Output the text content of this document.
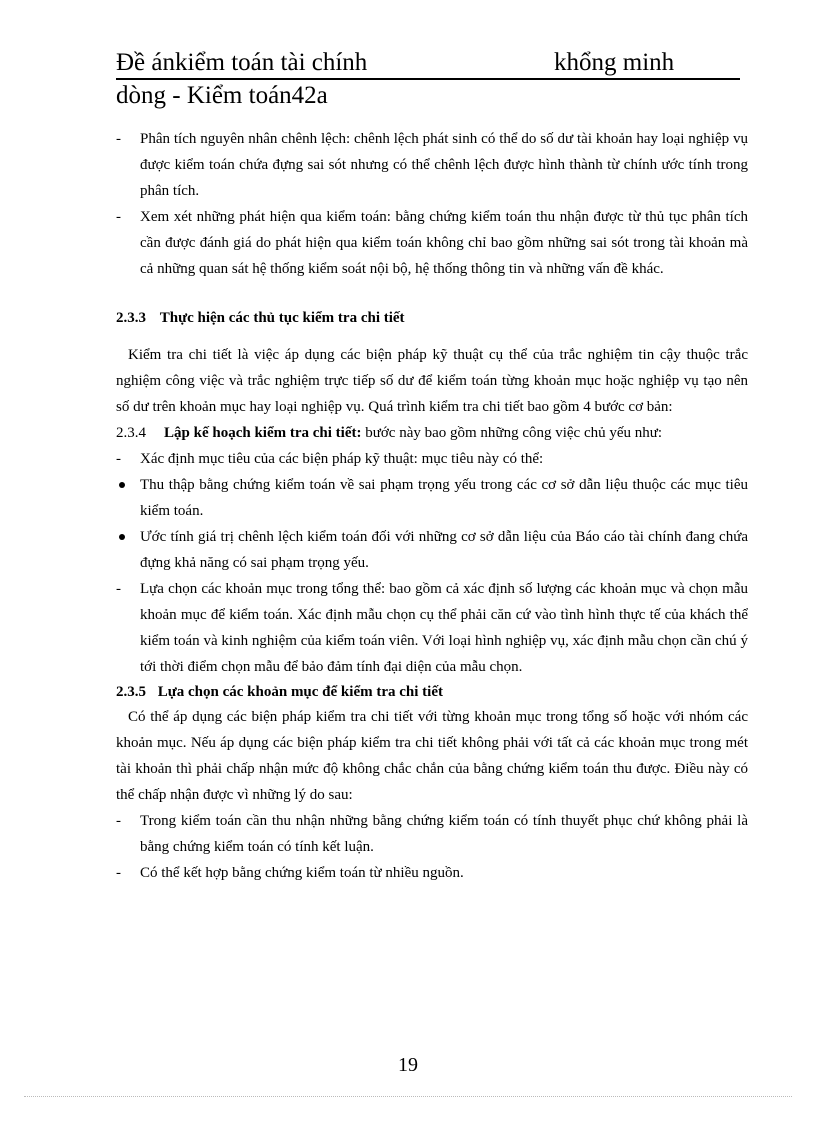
Đề ánkiểm toán tài chính	khổng minh
dòng - Kiểm toán42a
-	Phân tích nguyên nhân chênh lệch: chênh lệch phát sinh có thể do số dư tài khoản hay loại nghiệp vụ được kiểm toán chứa đựng sai sót nhưng có thể chênh lệch được hình thành từ chính ước tính trong phân tích.
-	Xem xét những phát hiện qua kiểm toán: bằng chứng kiểm toán thu nhận được từ thủ tục phân tích cần được đánh giá do phát hiện qua kiểm toán không chỉ bao gồm những sai sót trong tài khoản mà cả những quan sát hệ thống kiểm soát nội bộ, hệ thống thông tin và những vấn đề khác.
2.3.3 Thực hiện các thủ tục kiểm tra chi tiết
Kiểm tra chi tiết là việc áp dụng các biện pháp kỹ thuật cụ thể của trắc nghiệm tin cậy thuộc trắc nghiệm công việc và trắc nghiệm trực tiếp số dư để kiểm toán từng khoản mục hoặc nghiệp vụ tạo nên số dư trên khoản mục hay loại nghiệp vụ. Quá trình kiểm tra chi tiết bao gồm 4 bước cơ bản:
2.3.4 Lập kế hoạch kiểm tra chi tiết: bước này bao gồm những công việc chủ yếu như:
-	Xác định mục tiêu của các biện pháp kỹ thuật: mục tiêu này có thể:
Thu thập bằng chứng kiểm toán về sai phạm trọng yếu trong các cơ sở dẫn liệu thuộc các mục tiêu kiểm toán.
Ước tính giá trị chênh lệch kiểm toán đối với những cơ sở dẫn liệu của Báo cáo tài chính đang chứa đựng khả năng có sai phạm trọng yếu.
-	Lựa chọn các khoản mục trong tổng thể: bao gồm cả xác định số lượng các khoản mục và chọn mẫu khoản mục để kiểm toán. Xác định mẫu chọn cụ thể phải căn cứ vào tình hình thực tế của khách thể kiểm toán và kinh nghiệm của kiểm toán viên. Với loại hình nghiệp vụ, xác định mẫu chọn cần chú ý tới thời điểm chọn mẫu để bảo đảm tính đại diện của mẫu chọn.
2.3.5 Lựa chọn các khoản mục để kiểm tra chi tiết
Có thể áp dụng các biện pháp kiểm tra chi tiết với từng khoản mục trong tổng số hoặc với nhóm các khoản mục. Nếu áp dụng các biện pháp kiểm tra chi tiết không phải với tất cả các khoản mục trong mét tài khoản thì phải chấp nhận mức độ không chắc chắn của bằng chứng kiểm toán thu được. Điều này có thể chấp nhận được vì những lý do sau:
-	Trong kiểm toán cần thu nhận những bằng chứng kiểm toán có tính thuyết phục chứ không phải là bằng chứng kiểm toán có tính kết luận.
-	Có thể kết hợp bằng chứng kiểm toán từ nhiều nguồn.
19
